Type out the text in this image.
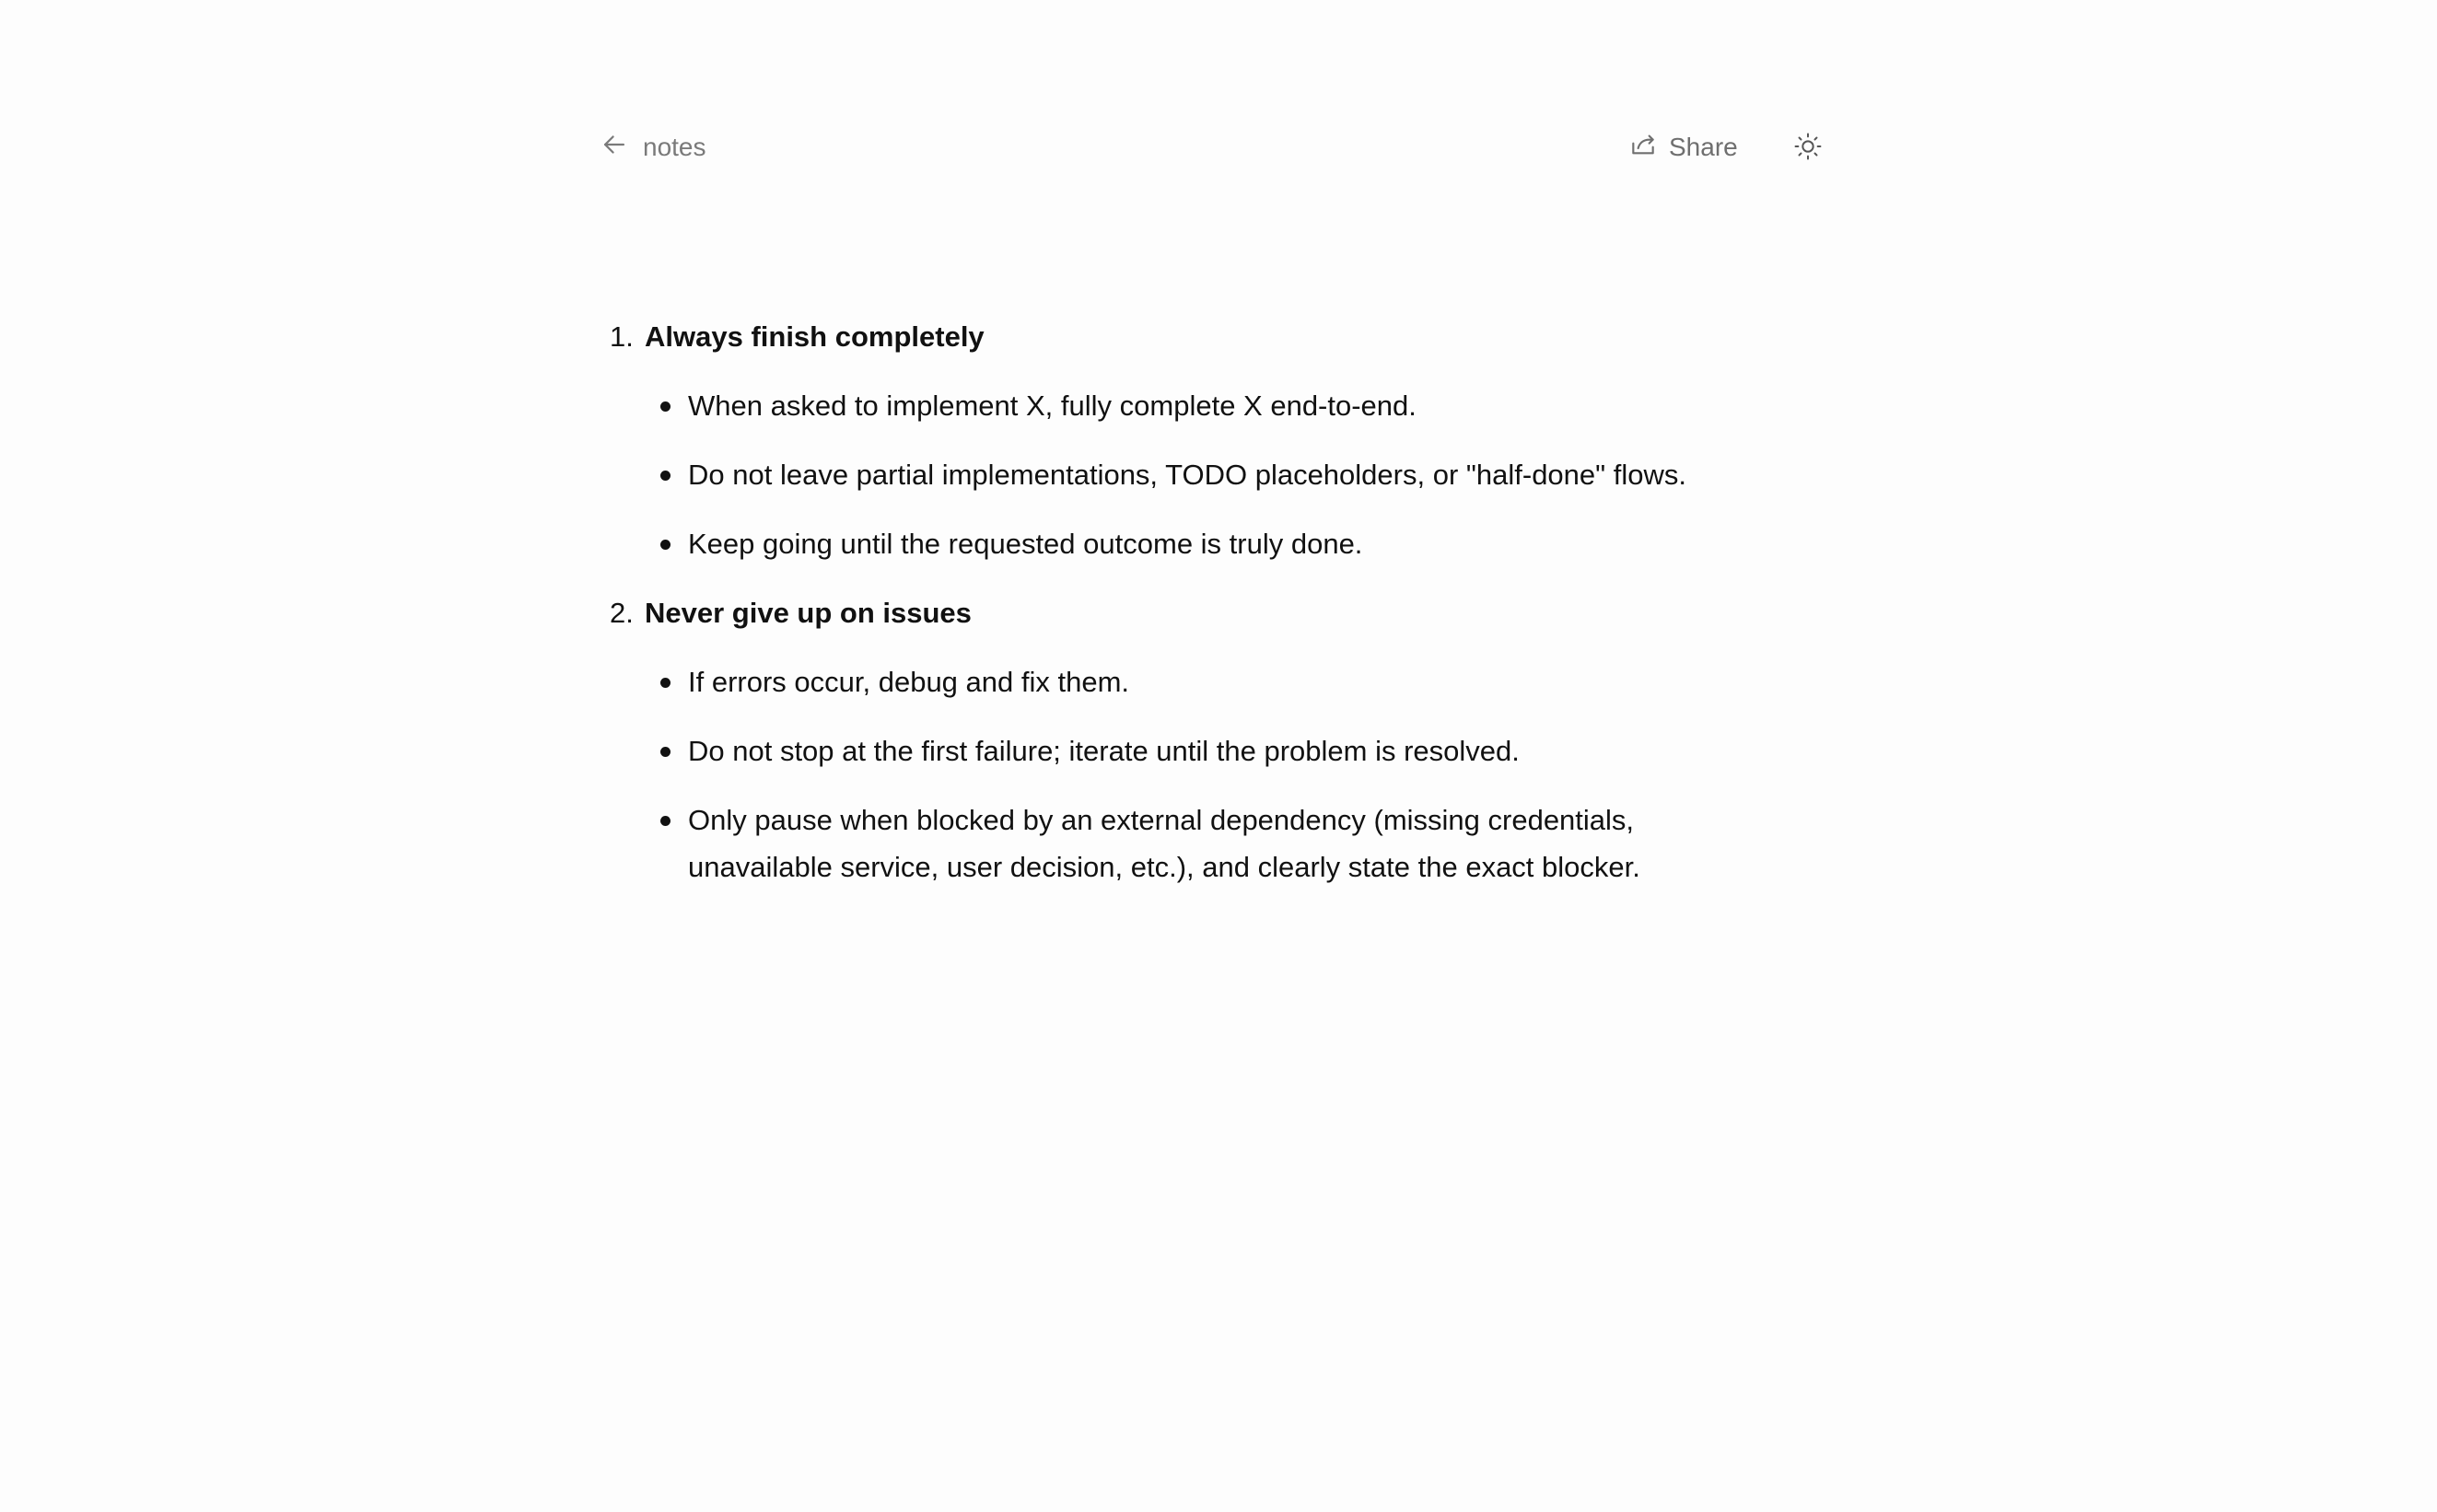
notes	Share
1. Always finish completely
When asked to implement X, fully complete X end-to-end.
Do not leave partial implementations, TODO placeholders, or "half-done" flows.
Keep going until the requested outcome is truly done.
2. Never give up on issues
If errors occur, debug and fix them.
Do not stop at the first failure; iterate until the problem is resolved.
Only pause when blocked by an external dependency (missing credentials, unavailable service, user decision, etc.), and clearly state the exact blocker.
